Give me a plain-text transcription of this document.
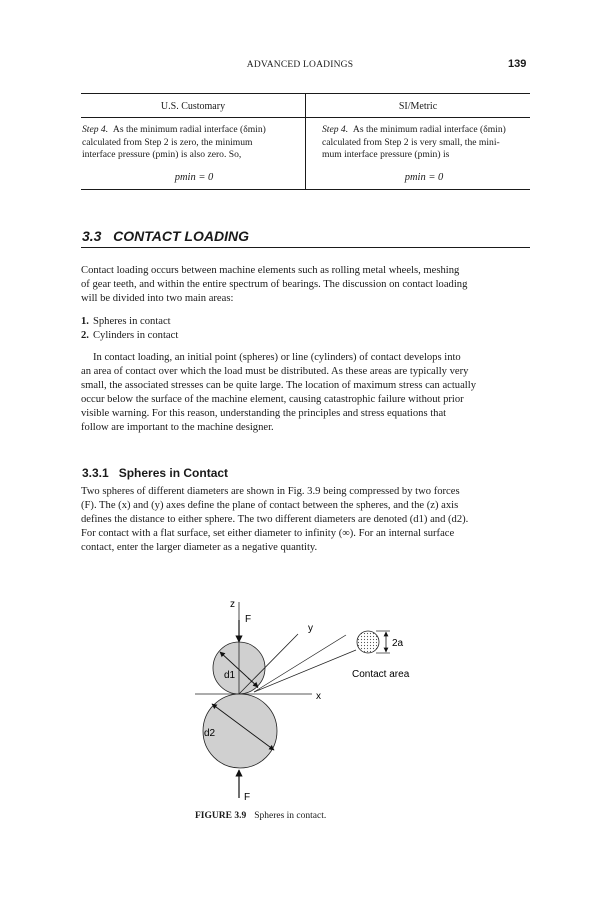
ADVANCED LOADINGS	139
U.S. Customary	SI/Metric
Step 4. As the minimum radial interface (δmin)
calculated from Step 2 is zero, the minimum
interface pressure (pmin) is also zero. So,
pmin = 0
Step 4. As the minimum radial interface (δmin)
calculated from Step 2 is very small, the mini-
mum interface pressure (pmin) is
pmin = 0
3.3   CONTACT LOADING
Contact loading occurs between machine elements such as rolling metal wheels, meshing
of gear teeth, and within the entire spectrum of bearings. The discussion on contact loading
will be divided into two main areas:
1. Spheres in contact
2. Cylinders in contact
In contact loading, an initial point (spheres) or line (cylinders) of contact develops into
an area of contact over which the load must be distributed. As these areas are typically very
small, the associated stresses can be quite large. The location of maximum stress can actually
occur below the surface of the machine element, causing catastrophic failure without prior
visible warning. For this reason, understanding the principles and stress equations that
follow are important to the machine designer.
3.3.1   Spheres in Contact
Two spheres of different diameters are shown in Fig. 3.9 being compressed by two forces
(F). The (x) and (y) axes define the plane of contact between the spheres, and the (z) axis
defines the distance to either sphere. The two different diameters are denoted (d1) and (d2).
For contact with a flat surface, set either diameter to infinity (∞). For an internal surface
contact, enter the larger diameter as a negative quantity.
z
F
y
x
d1
d2
F
2a
Contact area
FIGURE 3.9 Spheres in contact.
